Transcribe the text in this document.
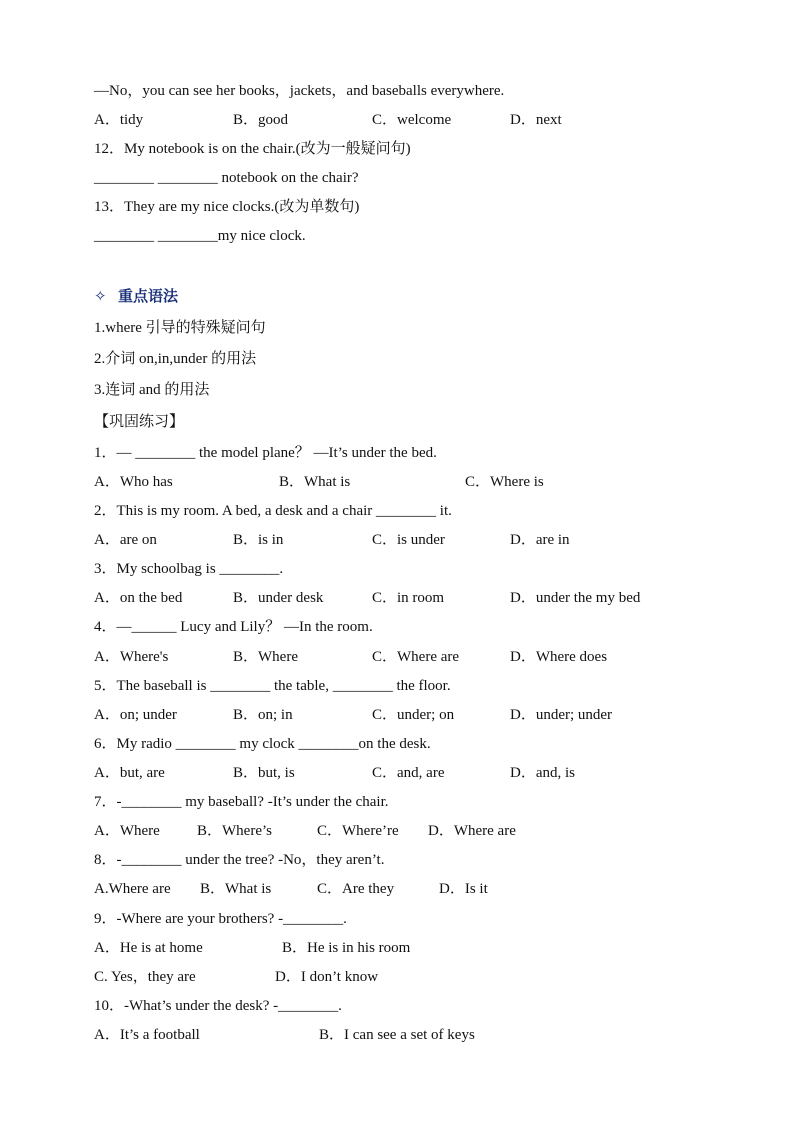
—No，you can see her books，jackets，and baseballs everywhere.
A．tidy	B．good	C．welcome	D．next
12．My notebook is on the chair.(改为一般疑问句)
________ ________ notebook on the chair?
13．They are my nice clocks.(改为单数句)
________ ________my nice clock.
✧ 重点语法
1.where 引导的特殊疑问句
2.介词 on,in,under 的用法
3.连词 and 的用法
【巩固练习】
1．— ________ the model plane？ —It’s under the bed.
A．Who has	B．What is	C．Where is
2．This is my room. A bed, a desk and a chair ________ it.
A．are on	B．is in	C．is under	D．are in
3．My schoolbag is ________.
A．on the bed	B．under desk	C．in room	D．under the my bed
4．—______ Lucy and Lily？ —In the room.
A．Where's	B．Where	C．Where are	D．Where does
5．The baseball is ________ the table, ________ the floor.
A．on; under	B．on; in	C．under; on	D．under; under
6．My radio ________ my clock ________on the desk.
A．but, are	B．but, is	C．and, are	D．and, is
7．-________ my baseball? -It’s under the chair.
A．Where B．Where’s	C．Where’re D．Where are
8．-________ under the tree? -No，they aren’t.
A.Where are B．What is	C．Are they	D．Is it
9．-Where are your brothers? -________.
A．He is at home	B．He is in his room
C. Yes，they are	D．I don’t know
10．-What’s under the desk? -________.
A．It’s a football	B．I can see a set of keys
